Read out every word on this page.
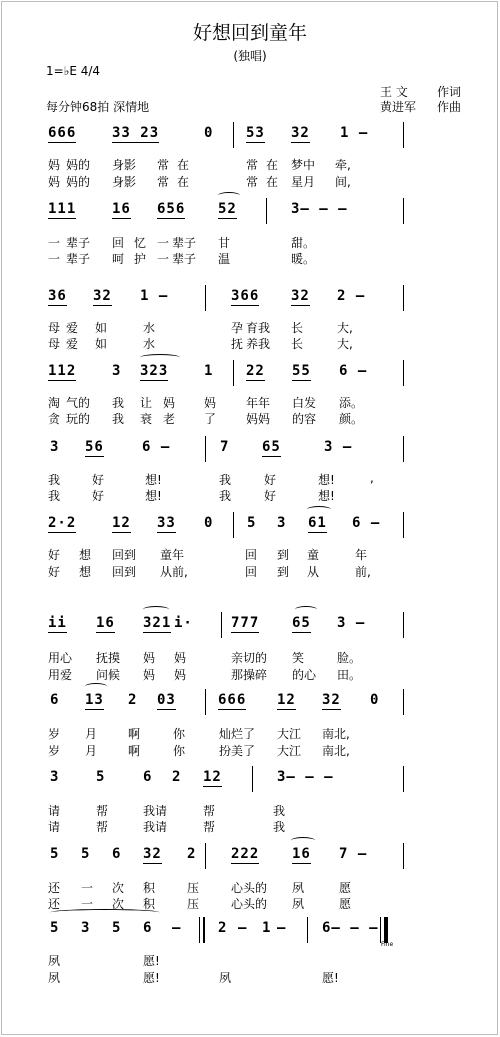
好想回到童年
(独唱)
1=♭E 4/4
每分钟68拍 深情地
王 文 作词
黄进军 作曲
666	33 23	0 53 32 1 —
妈 妈的 身影 常 在	常 在 梦中 牵,
妈 妈的 身影 常 在	常 在 星月 间,
111	16 656 52	3— — —
一 辈子 回 忆 一 辈子 甘	甜。
一 辈子 呵 护 一 辈子 温	暖。
36 32 1 —	366 32 2 —
母 爱 如	水	孕 育我 长	大,
母 爱 如	水	抚 养我 长	大,
112	3 323	1 22 55 6 —
淘 气的 我 让 妈 妈 年年 白发 添。
贪 玩的 我 衰 老 了 妈妈 的容 颜。
3 56	6 —	7 65	3 —
我	好	想!	我	好	想!	,
我	好	想!	我	好	想!
2·2	12 33 0 5 3 61 6 —
好 想 回到 童年	回 到 童	年
好 想 回到 从前,	回 到 从	前,
ii 16 321 i·	777 65 3 —
用心 抚摸 妈 妈	亲切的 笑	脸。
用爱 问候 妈 妈	那操碎 的心 田。
6 13 2 03	666 12 32 0
岁 月	啊	你	灿烂了 大江 南北,
岁 月	啊	你	扮美了 大江 南北,
3	5	6 2 12	3— — —
请	帮	我请	帮	我
请	帮	我请	帮	我
5 5 6 32 2 222 16 7 —
还 一 次 积	压	心头的 夙	愿
还 一 次 积	压	心头的 夙	愿
5 3 5 6 —	2 — 1 —	6— — —
Fine
夙	愿!
夙	愿!	夙	愿!
